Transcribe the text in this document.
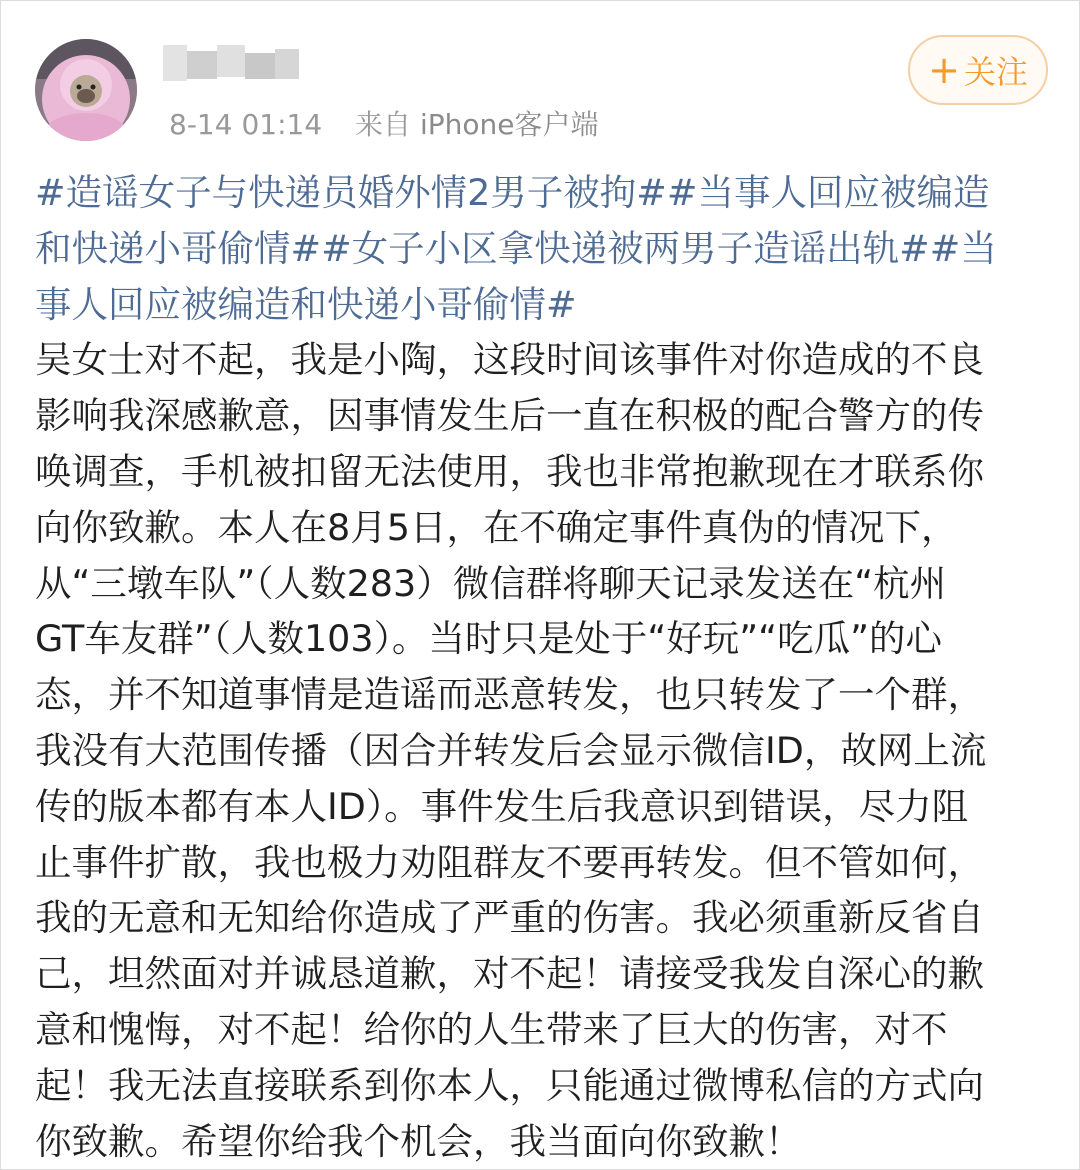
8-14 01:14 来自 iPhone客户端
+ 关注
#造谣女子与快递员婚外情2男子被拘##当事人回应被编造
和快递小哥偷情##女子小区拿快递被两男子造谣出轨##当
事人回应被编造和快递小哥偷情#
吴女士对不起，我是小陶，这段时间该事件对你造成的不良
影响我深感歉意，因事情发生后一直在积极的配合警方的传
唤调查，手机被扣留无法使用，我也非常抱歉现在才联系你
向你致歉。本人在8月5日，在不确定事件真伪的情况下，
从“三墩车队”（人数283）微信群将聊天记录发送在“杭州
GT车友群”（人数103）。当时只是处于“好玩”“吃瓜”的心
态，并不知道事情是造谣而恶意转发，也只转发了一个群，
我没有大范围传播（因合并转发后会显示微信ID，故网上流
传的版本都有本人ID）。事件发生后我意识到错误，尽力阻
止事件扩散，我也极力劝阻群友不要再转发。但不管如何，
我的无意和无知给你造成了严重的伤害。我必须重新反省自
己，坦然面对并诚恳道歉，对不起！请接受我发自深心的歉
意和愧悔，对不起！给你的人生带来了巨大的伤害，对不
起！我无法直接联系到你本人，只能通过微博私信的方式向
你致歉。希望你给我个机会，我当面向你致歉！
